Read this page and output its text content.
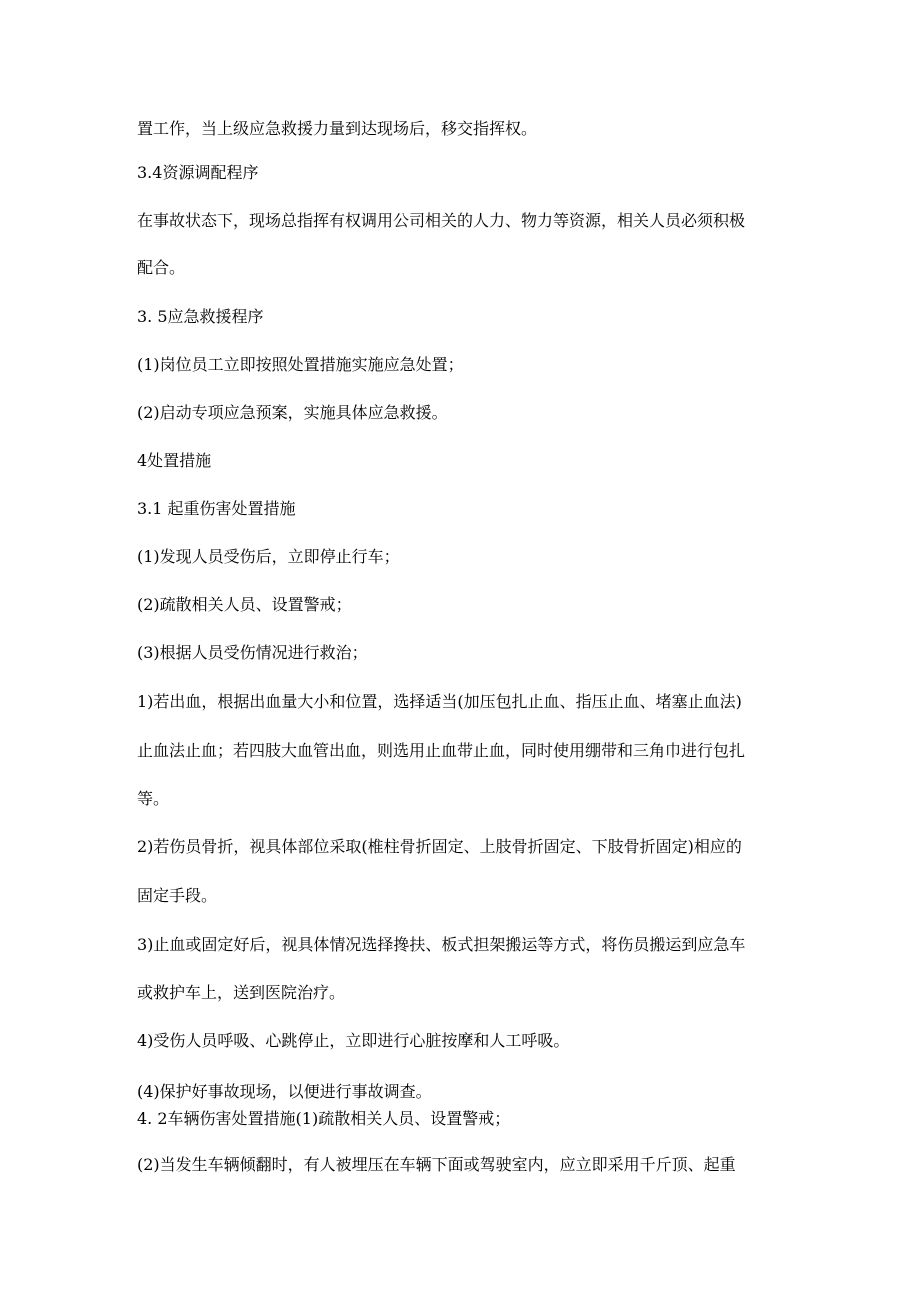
置工作，当上级应急救援力量到达现场后，移交指挥权。

3.4资源调配程序

在事故状态下，现场总指挥有权调用公司相关的人力、物力等资源，相关人员必须积极

配合。

3. 5应急救援程序

(1)岗位员工立即按照处置措施实施应急处置；

(2)启动专项应急预案，实施具体应急救援。

4处置措施

3.1 起重伤害处置措施

(1)发现人员受伤后，立即停止行车；

(2)疏散相关人员、设置警戒；

(3)根据人员受伤情况进行救治；

1)若出血，根据出血量大小和位置，选择适当(加压包扎止血、指压止血、堵塞止血法)

止血法止血；若四肢大血管出血，则选用止血带止血，同时使用绷带和三角巾进行包扎

等。

2)若伤员骨折，视具体部位采取(椎柱骨折固定、上肢骨折固定、下肢骨折固定)相应的

固定手段。

3)止血或固定好后，视具体情况选择搀扶、板式担架搬运等方式，将伤员搬运到应急车

或救护车上，送到医院治疗。

4)受伤人员呼吸、心跳停止，立即进行心脏按摩和人工呼吸。

(4)保护好事故现场，以便进行事故调查。

4. 2车辆伤害处置措施(1)疏散相关人员、设置警戒；

(2)当发生车辆倾翻时，有人被埋压在车辆下面或驾驶室内，应立即采用千斤顶、起重
